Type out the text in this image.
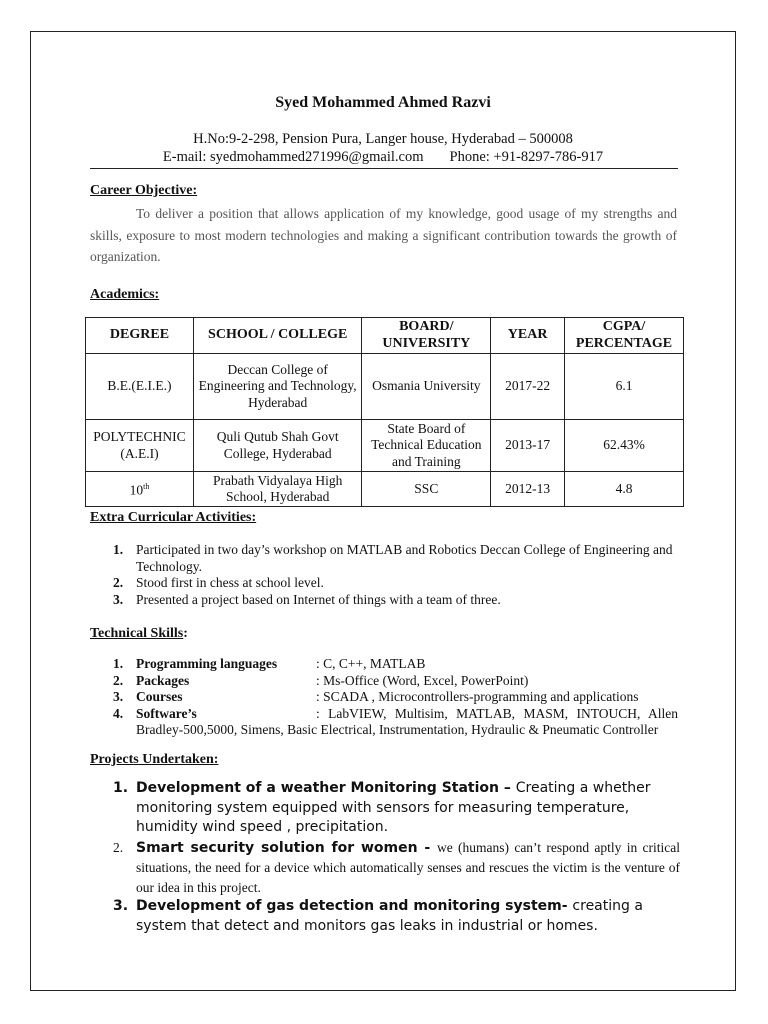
Syed Mohammed Ahmed Razvi
H.No:9-2-298, Pension Pura, Langer house, Hyderabad – 500008
E-mail: syedmohammed271996@gmail.com Phone: +91-8297-786-917
Career Objective:
To deliver a position that allows application of my knowledge, good usage of my strengths and skills, exposure to most modern technologies and making a significant contribution towards the growth of organization.
Academics:
DEGREE	SCHOOL / COLLEGE	BOARD/ UNIVERSITY	YEAR	CGPA/ PERCENTAGE
B.E.(E.I.E.)	Deccan College of Engineering and Technology, Hyderabad	Osmania University	2017-22	6.1
POLYTECHNIC (A.E.I)	Quli Qutub Shah Govt College, Hyderabad	State Board of Technical Education and Training	2013-17	62.43%
10th	Prabath Vidyalaya High School, Hyderabad	SSC	2012-13	4.8
Extra Curricular Activities:
1. Participated in two day’s workshop on MATLAB and Robotics Deccan College of Engineering and Technology.
2. Stood first in chess at school level.
3. Presented a project based on Internet of things with a team of three.
Technical Skills:
1. Programming languages	: C, C++, MATLAB
2. Packages	: Ms-Office (Word, Excel, PowerPoint)
3. Courses	: SCADA , Microcontrollers-programming and applications
4. Software’s	: LabVIEW, Multisim, MATLAB, MASM, INTOUCH, Allen Bradley-500,5000, Simens, Basic Electrical, Instrumentation, Hydraulic & Pneumatic Controller
Projects Undertaken:
1. Development of a weather Monitoring Station – Creating a whether monitoring system equipped with sensors for measuring temperature, humidity wind speed , precipitation.
2. Smart security solution for women - we (humans) can’t respond aptly in critical situations, the need for a device which automatically senses and rescues the victim is the venture of our idea in this project.
3. Development of gas detection and monitoring system- creating a system that detect and monitors gas leaks in industrial or homes.
